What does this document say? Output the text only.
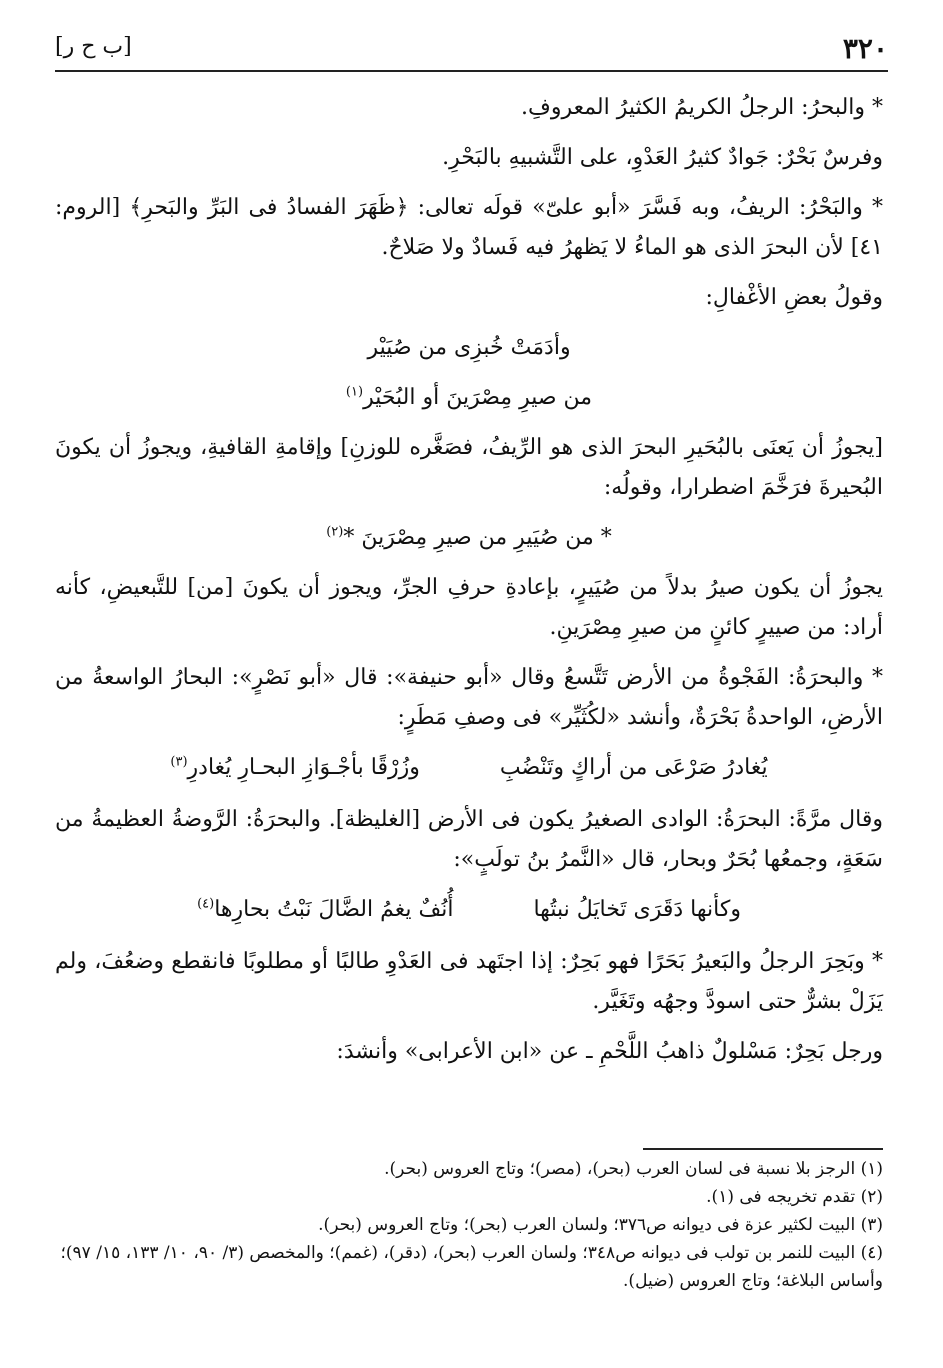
٣٢٠
[ب ح ر]

* والبحرُ: الرجلُ الكريمُ الكثيرُ المعروفِ.

وفرسٌ بَحْرٌ: جَوادٌ كثيرُ العَدْوِ، على التَّشبيهِ بالبَحْرِ.

* والبَحْرُ: الريفُ، وبه فَسَّرَ «أبو علىّ» قولَه تعالى: ﴿ظَهَرَ الفسادُ فى البَرِّ والبَحرِ﴾ [الروم: ٤١] لأن البحرَ الذى هو الماءُ لا يَظهرُ فيه فَسادٌ ولا صَلاحٌ.

وقولُ بعضِ الأغْفالِ:

وأدَمَتْ خُبزِى من صُيَيْر
من صيرِ مِصْرَينَ أو البُحَيْر$^{(١)}$

[يجوزُ أن يَعنَى بالبُحَيرِ البحرَ الذى هو الرِّيفُ، فصَغَّره للوزنِ] وإقامةِ القافيةِ، ويجوزُ أن يكونَ البُحيرةَ فرَخَّمَ اضطرارا، وقولُه:

* من صُيَيرِ من صيرِ مِصْرَينَ *$^{(٢)}$

يجوزُ أن يكون صيرُ بدلاً من صُيَيرٍ، بإعادةِ حرفِ الجرِّ، ويجوز أن يكونَ [من] للتَّبعيضِ، كأنه أراد: من صييرٍ كائنٍ من صيرِ مِصْرَينِ.

* والبحرَةُ: الفَجْوةُ من الأرض تَتَّسعُ وقال «أبو حنيفة»: قال «أبو نَصْرٍ»: البحارُ الواسعةُ من الأرضِ، الواحدةُ بَحْرَةٌ، وأنشد «لكُثَيِّر» فى وصفِ مَطَرٍ:

يُغادرُ صَرْعَى من أراكٍ وتَنْضُبِ
وزُرْقًا بأجْـوَازِ البحـارِ يُغادرِ$^{(٣)}$

وقال مرَّةً: البحرَةُ: الوادى الصغيرُ يكون فى الأرض [الغليظة]. والبحرَةُ: الرَّوضةُ العظيمةُ من سَعَةٍ، وجمعُها بُحَرٌ وبحار، قال «النَّمرُ بنُ تولَبٍ»:

وكأنها دَقَرَى تَخايَلُ نبتُها
أُنُفٌ يغمُ الضَّالَ نَبْتُ بحارِها$^{(٤)}$

* وبَحِرَ الرجلُ والبَعيرُ بَحَرًا فهو بَحِرٌ: إذا اجتَهد فى العَدْوِ طالبًا أو مطلوبًا فانقطع وضعُفَ، ولم يَزَلْ بشرٌّ حتى اسودَّ وجهُه وتَغَيَّر.

ورجل بَحِرٌ: مَسْلولٌ ذاهبُ اللَّحْمِ ـ عن «ابن الأعرابى» وأنشدَ:

(١) الرجز بلا نسبة فى لسان العرب (بحر)، (مصر)؛ وتاج العروس (بحر).
(٢) تقدم تخريجه فى (١).
(٣) البيت لكثير عزة فى ديوانه ص٣٧٦؛ ولسان العرب (بحر)؛ وتاج العروس (بحر).
(٤) البيت للنمر بن تولب فى ديوانه ص٣٤٨؛ ولسان العرب (بحر)، (دقر)، (غمم)؛ والمخصص (٣/ ٩٠، ١٠/ ١٣٣، ١٥/ ٩٧)؛ وأساس البلاغة؛ وتاج العروس (ضيل).
